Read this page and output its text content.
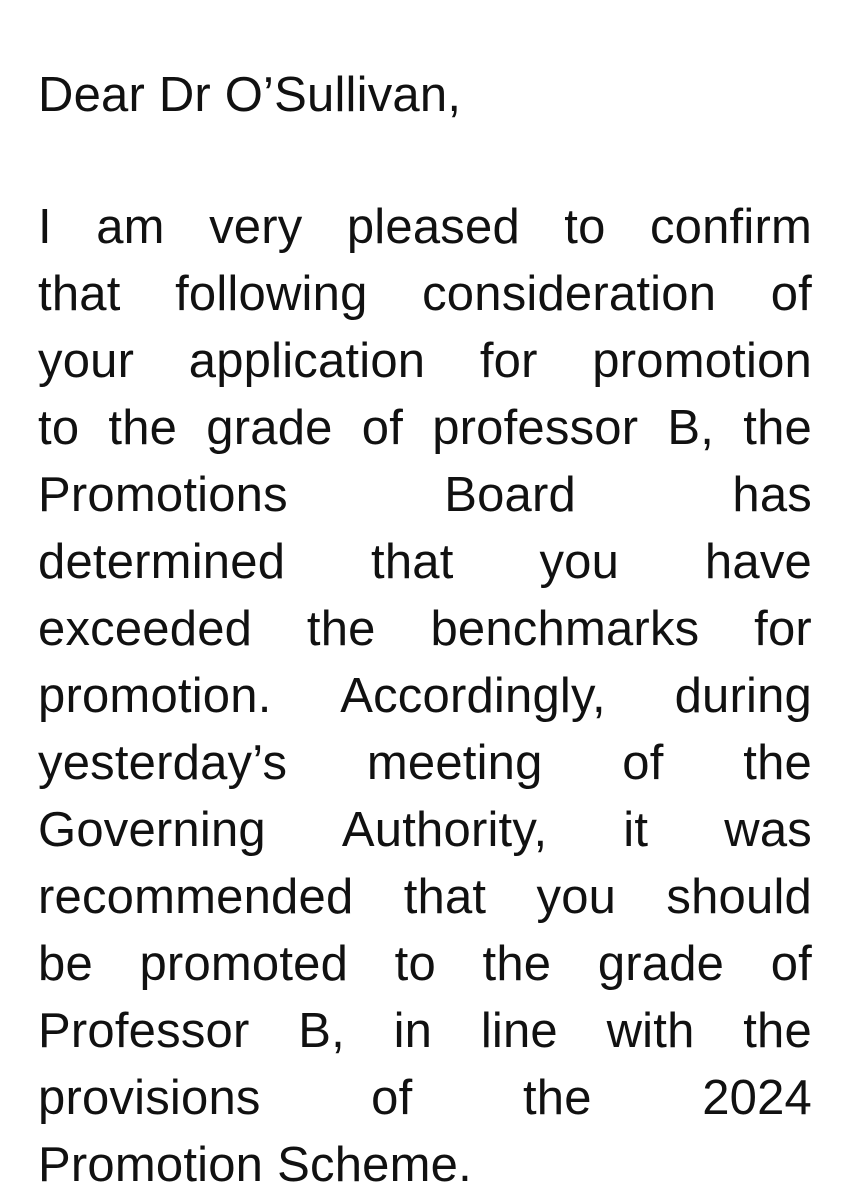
Dear Dr O’Sullivan,

I am very pleased to confirm
that following consideration of
your application for promotion
to the grade of professor B, the
Promotions	Board	has
determined that you have
exceeded the benchmarks for
promotion. Accordingly, during
yesterday’s meeting of the
Governing Authority, it was
recommended that you should
be promoted to the grade of
Professor B, in line with the
provisions of the 2024
Promotion Scheme.
